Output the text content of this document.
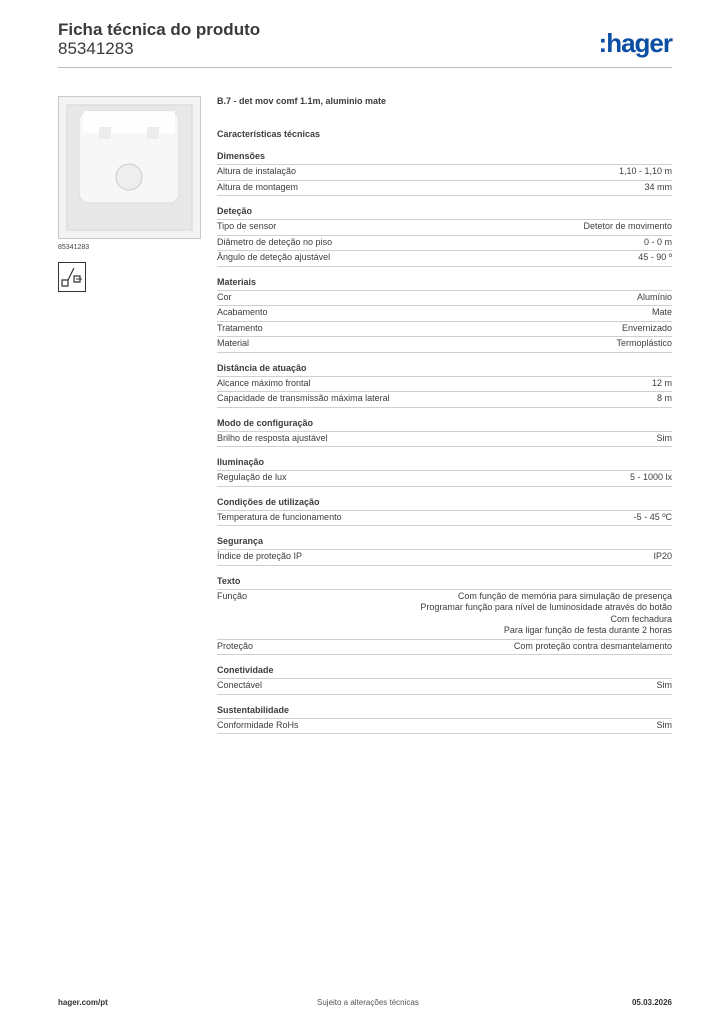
Ficha técnica do produto
85341283	:hager
85341283
B.7 - det mov comf 1.1m, aluminio mate
Características técnicas
Dimensões
Altura de instalação	1,10 - 1,10 m
Altura de montagem	34 mm
Deteção
Tipo de sensor	Detetor de movimento
Diâmetro de deteção no piso	0 - 0 m
Ângulo de deteção ajustável	45 - 90 º
Materiais
Cor	Alumínio
Acabamento	Mate
Tratamento	Envernizado
Material	Termoplástico
Distância de atuação
Alcance máximo frontal	12 m
Capacidade de transmissão máxima lateral	8 m
Modo de configuração
Brilho de resposta ajustável	Sim
Iluminação
Regulação de lux	5 - 1000 lx
Condições de utilização
Temperatura de funcionamento	-5 - 45 ºC
Segurança
Índice de proteção IP	IP20
Texto
Função	Com função de memória para simulação de presença
Programar função para nível de luminosidade através do botão
Com fechadura
Para ligar função de festa durante 2 horas
Proteção	Com proteção contra desmantelamento
Conetividade
Conectável	Sim
Sustentabilidade
Conformidade RoHs	Sim
hager.com/pt	Sujeito a alterações técnicas	05.03.2026
